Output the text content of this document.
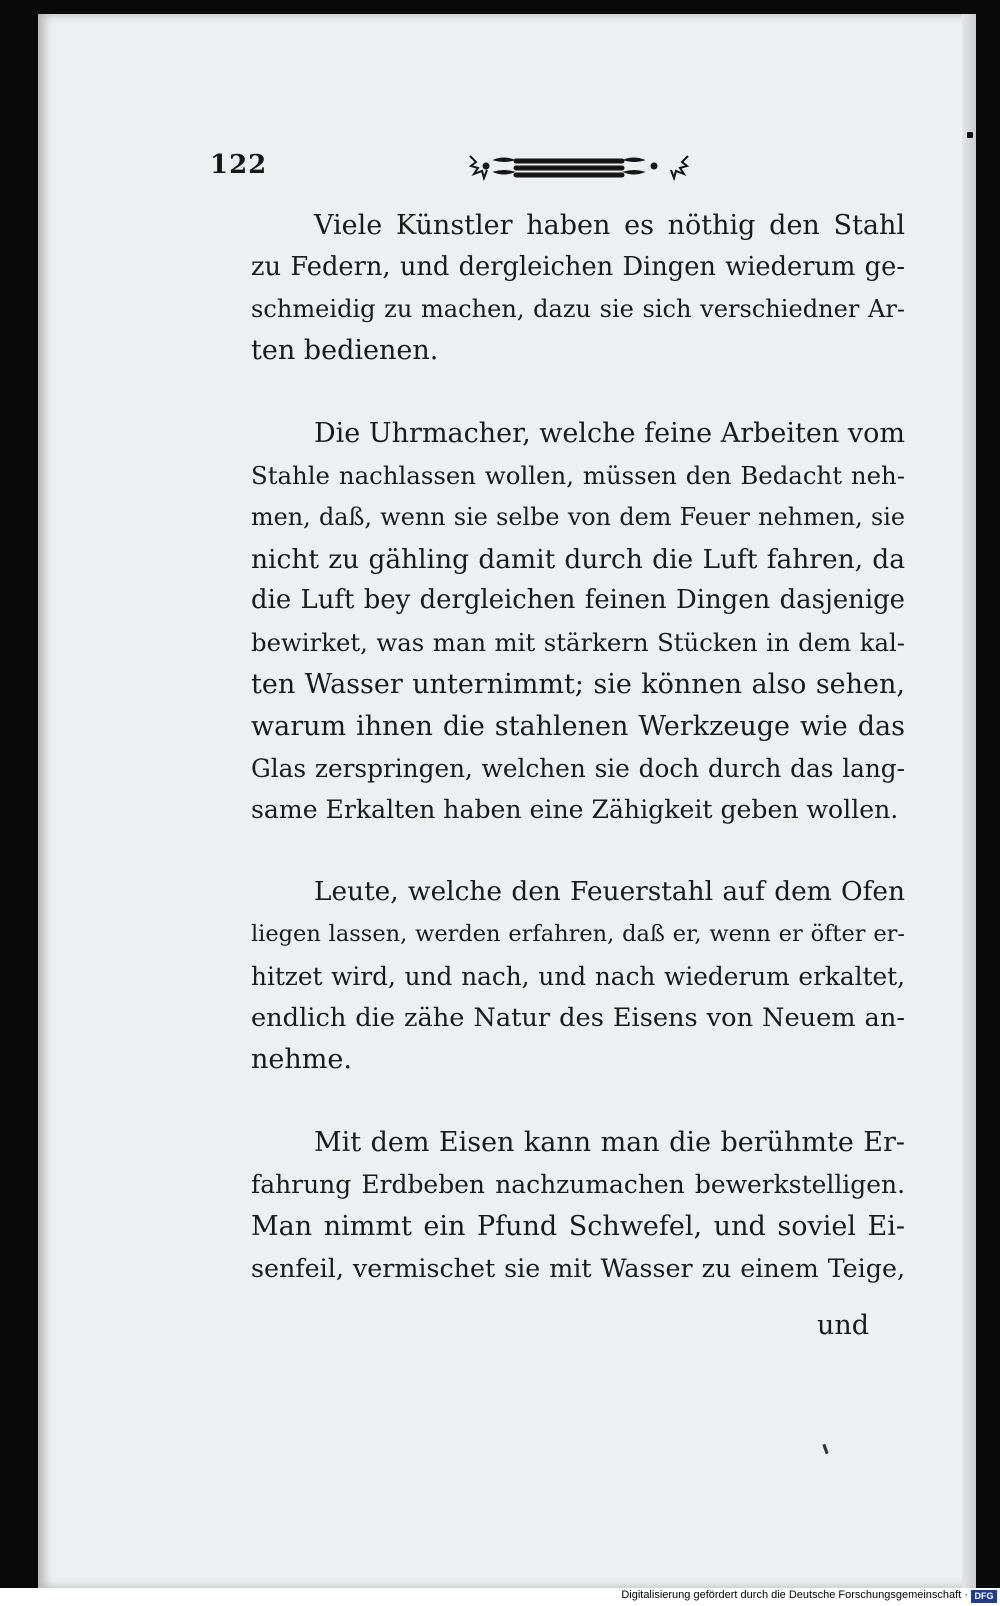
122

Viele Künstler haben es nöthig den Stahl
zu Federn, und dergleichen Dingen wiederum ge-
schmeidig zu machen, dazu sie sich verschiedner Ar-
ten bedienen.

Die Uhrmacher, welche feine Arbeiten vom
Stahle nachlassen wollen, müssen den Bedacht neh-
men, daß, wenn sie selbe von dem Feuer nehmen, sie
nicht zu gähling damit durch die Luft fahren, da
die Luft bey dergleichen feinen Dingen dasjenige
bewirket, was man mit stärkern Stücken in dem kal-
ten Wasser unternimmt; sie können also sehen,
warum ihnen die stahlenen Werkzeuge wie das
Glas zerspringen, welchen sie doch durch das lang-
same Erkalten haben eine Zähigkeit geben wollen.

Leute, welche den Feuerstahl auf dem Ofen
liegen lassen, werden erfahren, daß er, wenn er öfter er-
hitzet wird, und nach, und nach wiederum erkaltet,
endlich die zähe Natur des Eisens von Neuem an-
nehme.

Mit dem Eisen kann man die berühmte Er-
fahrung Erdbeben nachzumachen bewerkstelligen.
Man nimmt ein Pfund Schwefel, und soviel Ei-
senfeil, vermischet sie mit Wasser zu einem Teige,

und
Digitalisierung gefördert durch die Deutsche Forschungsgemeinschaft · DFG
